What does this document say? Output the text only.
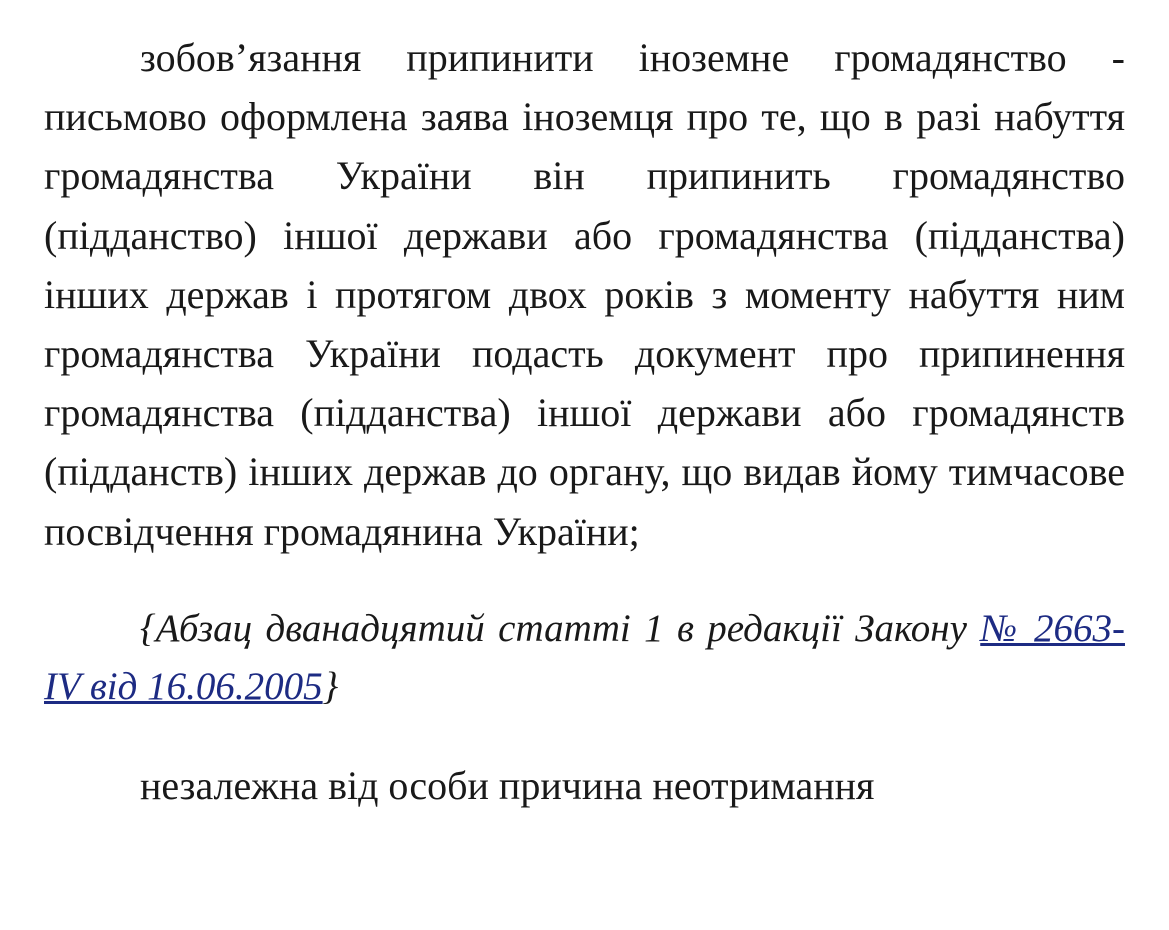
зобов’язання припинити іноземне громадянство - письмово оформлена заява іноземця про те, що в разі набуття громадянства України він припинить громадянство (підданство) іншої держави або громадянства (підданства) інших держав і протягом двох років з моменту набуття ним громадянства України подасть документ про припинення громадянства (підданства) іншої держави або громадянств (підданств) інших держав до органу, що видав йому тимчасове посвідчення громадянина України;

{Абзац дванадцятий статті 1 в редакції Закону № 2663-IV від 16.06.2005}

незалежна від особи причина неотримання
